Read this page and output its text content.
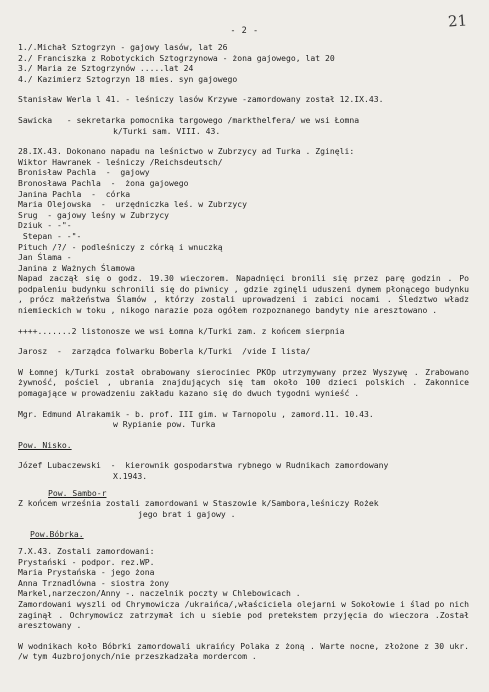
21
- 2 -
1./.Michał Sztogrzyn - gajowy lasów, lat 26
2./ Franciszka z Robotyckich Sztogrzynowa - żona gajowego, lat 20
3./ Maria ze Sztogrzynów .....lat 24
4./ Kazimierz Sztogrzyn 18 mies. syn gajowego
Stanisław Werla l 41. - leśniczy lasów Krzywe -zamordowany został 12.IX.43.
Sawicka   - sekretarka pomocnika targowego /markthelfera/ we wsi Łomna
k/Turki sam. VIII. 43.
28.IX.43. Dokonano napadu na leśnictwo w Zubrzycy ad Turka . Zginęli:
Wiktor Hawranek - leśniczy /Reichsdeutsch/
Bronisław Pachla  -  gajowy
Bronosława Pachla  -  żona gajowego
Janina Pachla  -  córka
Maria Olejowska  -  urzędniczka leś. w Zubrzycy
Srug  - gajowy leśny w Zubrzycy
Dziuk - -"-
Stepan - -"-
Pituch /?/ - podleśniczy z córką i wnuczką
Jan Ślama -
Janina z Ważnych Ślamowa
Napad zaczął się o godz. 19.30 wieczorem. Napadnięci bronili się przez parę godzin . Po podpaleniu budynku schronili się do piwnicy , gdzie zginęli uduszeni dymem płonącego budynku , prócz małżeństwa Ślamów , którzy zostali uprowadzeni i zabici nocami . Śledztwo władz niemieckich w toku , nikogo narazie poza ogółem rozpoznanego bandyty nie aresztowano .
++++.......2 listonosze we wsi Łomna k/Turki zam. z końcem sierpnia
Jarosz  -  zarządca folwarku Boberla k/Turki  /vide I lista/
W Łomnej k/Turki został obrabowany sierociniec PKOp utrzymywany przez Wyszywę . Zrabowano żywność, pościel , ubrania znajdujących się tam około 100 dzieci polskich . Zakonnice pomagające w prowadzeniu zakładu kazano się do dwuch tygodni wynieść .
Mgr. Edmund Alrakamik - b. prof. III gim. w Tarnopolu , zamord.11. 10.43.
w Rypianie pow. Turka
Pow. Nisko.
Józef Lubaczewski  -  kierownik gospodarstwa rybnego w Rudnikach zamordowany
X.1943.
Pow. Sambo-r
Z końcem września zostali zamordowani w Staszowie k/Sambora,leśniczy Rożek
jego brat i gajowy .
Pow.Bóbrka.
7.X.43. Zostali zamordowani:
Prystański - podpor. rez.WP.
Maria Prystańska - jego żona
Anna Trznadlówna - siostra żony
Markel,narzeczon/Anny -. naczelnik poczty w Chlebowicach .
Zamordowani wyszli od Chrymowicza /ukraińca/,właściciela olejarni w Sokołowie i ślad po nich zaginął . Ochrymowicz zatrzymał ich u siebie pod pretekstem przyjęcia do wieczora .Został aresztowany .
W wodnikach koło Bóbrki zamordowali ukraińcy Polaka z żoną . Warte nocne, złożone z 30 ukr. /w tym 4uzbrojonych/nie przeszkadzała mordercom .
